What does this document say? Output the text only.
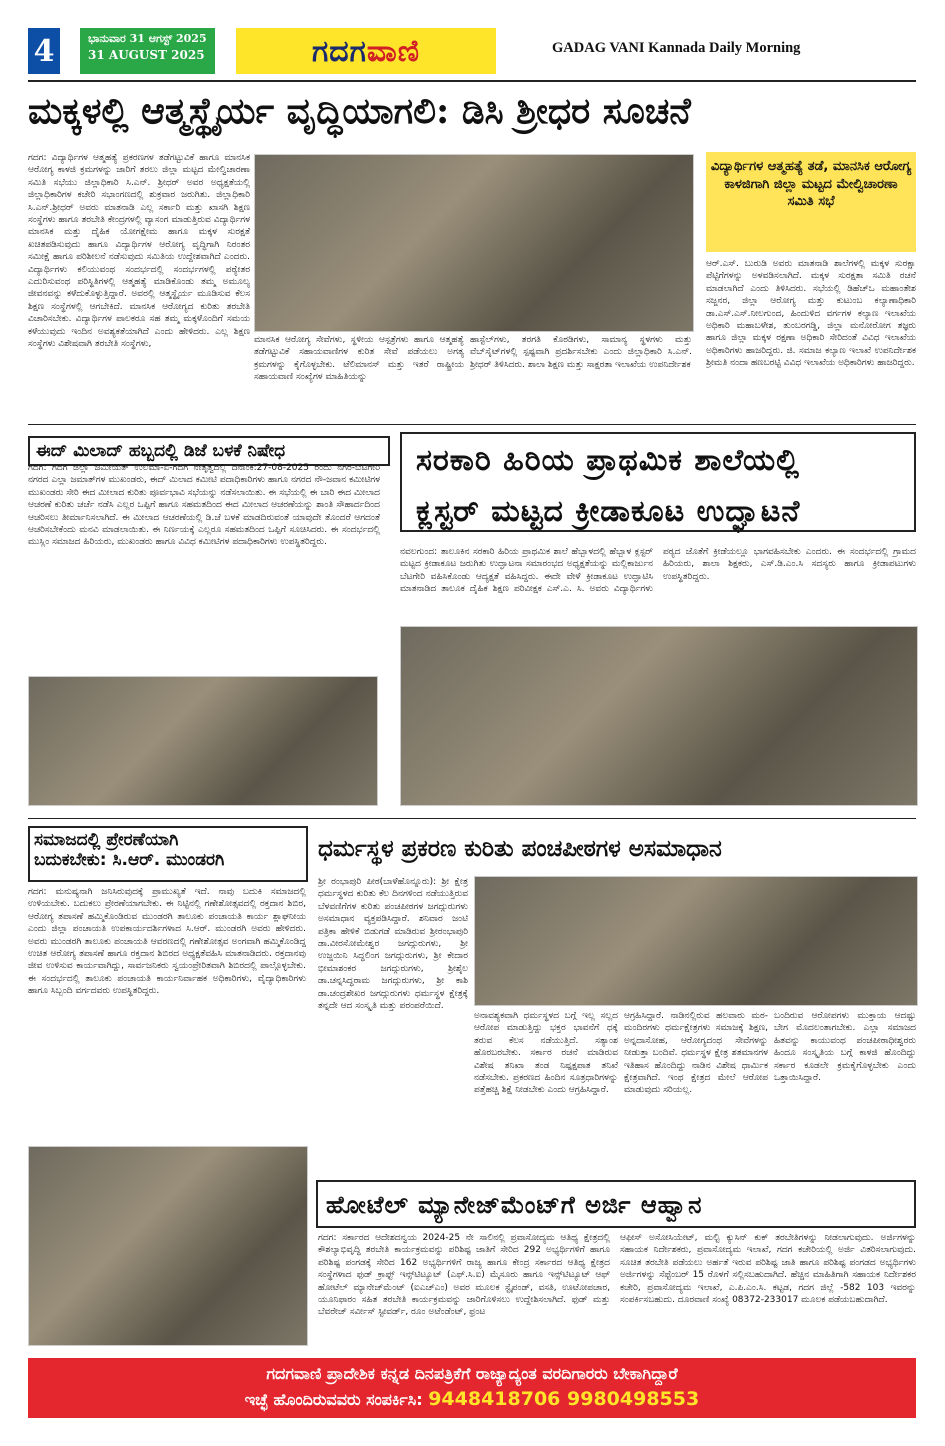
4	ಭಾನುವಾರ 31 ಆಗಸ್ಟ್ 2025
31 AUGUST 2025	ಗದಗವಾಣಿ	GADAG VANI Kannada Daily Morning
ಮಕ್ಕಳಲ್ಲಿ ಆತ್ಮಸ್ಥೈರ್ಯ ವೃದ್ಧಿಯಾಗಲಿ: ಡಿಸಿ ಶ್ರೀಧರ ಸೂಚನೆ
ಗದಗ: ವಿದ್ಯಾರ್ಥಿಗಳ ಆತ್ಮಹತ್ಯೆ ಪ್ರಕರಣಗಳ ತಡೆಗಟ್ಟುವಿಕೆ ಹಾಗೂ ಮಾನಸಿಕ ಆರೋಗ್ಯ ಕಾಳಜಿ ಕ್ರಮಗಳನ್ನು ಜಾರಿಗೆ ತರಲು ಜಿಲ್ಲಾ ಮಟ್ಟದ ಮೇಲ್ವಿಚಾರಣಾ ಸಮಿತಿ ಸಭೆಯು ಜಿಲ್ಲಾಧಿಕಾರಿ ಸಿ.ಎನ್. ಶ್ರೀಧರ್ ಅವರ ಅಧ್ಯಕ್ಷತೆಯಲ್ಲಿ ಜಿಲ್ಲಾಧಿಕಾರಿಗಳ ಕಚೇರಿ ಸಭಾಂಗಣದಲ್ಲಿ ಶುಕ್ರವಾರ ಜರುಗಿತು. ಜಿಲ್ಲಾಧಿಕಾರಿ ಸಿ.ಎನ್.ಶ್ರೀಧರ್ ಅವರು ಮಾತನಾಡಿ ಎಲ್ಲ ಸರ್ಕಾರಿ ಮತ್ತು ಖಾಸಗಿ ಶಿಕ್ಷಣ ಸಂಸ್ಥೆಗಳು ಹಾಗೂ ತರಬೇತಿ ಕೇಂದ್ರಗಳಲ್ಲಿ ವ್ಯಾಸಂಗ ಮಾಡುತ್ತಿರುವ ವಿದ್ಯಾರ್ಥಿಗಳ ಮಾನಸಿಕ ಮತ್ತು ದೈಹಿಕ ಯೋಗಕ್ಷೇಮ ಹಾಗೂ ಮಕ್ಕಳ ಸುರಕ್ಷತೆ ಖಚಿತಪಡಿಸುವುದು ಹಾಗೂ ವಿದ್ಯಾರ್ಥಿಗಳ ಆರೋಗ್ಯ ವೃದ್ಧಿಗಾಗಿ ನಿರಂತರ ಸಮೀಕ್ಷೆ ಹಾಗೂ ಪರಿಶೀಲನೆ ನಡೆಸುವುದು ಸಮಿತಿಯ ಉದ್ದೇಶವಾಗಿದೆ ಎಂದರು. ವಿದ್ಯಾರ್ಥಿಗಳು ಕಲಿಯುವಂಥ ಸಂದರ್ಭದಲ್ಲಿ ಸಂದರ್ಭಗಳಲ್ಲಿ ಪಠ್ಯೇತರ ಎದುರಿಸುವಂಥ ಪರಿಸ್ಥಿತಿಗಳಲ್ಲಿ ಆತ್ಮಹತ್ಯೆ ಮಾಡಿಕೊಂಡು ತಮ್ಮ ಅಮೂಲ್ಯ ಜೀವನವನ್ನು ಕಳೆದುಕೊಳ್ಳುತ್ತಿದ್ದಾರೆ. ಅವರಲ್ಲಿ ಆತ್ಮಸ್ಥೈರ್ಯ ಮೂಡಿಸುವ ಕೆಲಸ ಶಿಕ್ಷಣ ಸಂಸ್ಥೆಗಳಲ್ಲಿ ಆಗಬೇಕಿದೆ. ಮಾನಸಿಕ ಆರೋಗ್ಯದ ಕುರಿತು ತರಬೇತಿ ವಿಚಾರಿಸಬೇಕು. ವಿದ್ಯಾರ್ಥಿಗಳ ಪಾಲಕರೂ ಸಹ ತಮ್ಮ ಮಕ್ಕಳೊಂದಿಗೆ ಸಮಯ ಕಳೆಯುವುದು ಇಂದಿನ ಅವಶ್ಯಕತೆಯಾಗಿದೆ ಎಂದು ಹೇಳಿದರು. ಎಲ್ಲ ಶಿಕ್ಷಣ ಸಂಸ್ಥೆಗಳು ವಿಶೇಷವಾಗಿ ತರಬೇತಿ ಸಂಸ್ಥೆಗಳು,	ಮಾನಸಿಕ ಆರೋಗ್ಯ ಸೇವೆಗಳು, ಸ್ಥಳೀಯ ಆಸ್ಪತ್ರೆಗಳು ಹಾಗೂ ಆತ್ಮಹತ್ಯೆ ತಡೆಗಟ್ಟುವಿಕೆ ಸಹಾಯವಾಣಿಗಳ ಕುರಿತ ಸೇವೆ ಪಡೆಯಲು ಅಗತ್ಯ ಕ್ರಮಗಳನ್ನು ಕೈಗೊಳ್ಳಬೇಕು. ಟೆಲಿಮಾನಸ್ ಮತ್ತು ಇತರೆ ರಾಷ್ಟ್ರೀಯ ಸಹಾಯವಾಣಿ ಸಂಖ್ಯೆಗಳ ಮಾಹಿತಿಯನ್ನು
ಹಾಸ್ಟೆಲ್‌ಗಳು, ತರಗತಿ ಕೊಠಡಿಗಳು, ಸಾಮಾನ್ಯ ಸ್ಥಳಗಳು ಮತ್ತು ವೆಬ್‌ಸೈಟ್‌ಗಳಲ್ಲಿ ಸ್ಪಷ್ಟವಾಗಿ ಪ್ರದರ್ಶಿಸಬೇಕು ಎಂದು ಜಿಲ್ಲಾಧಿಕಾರಿ ಸಿ.ಎನ್. ಶ್ರೀಧರ್ ತಿಳಿಸಿದರು. ಶಾಲಾ ಶಿಕ್ಷಣ ಮತ್ತು ಸಾಕ್ಷರತಾ ಇಲಾಖೆಯ ಉಪನಿರ್ದೇಶಕ
ವಿದ್ಯಾರ್ಥಿಗಳ ಆತ್ಮಹತ್ಯೆ ತಡೆ, ಮಾನಸಿಕ ಆರೋಗ್ಯ ಕಾಳಜಿಗಾಗಿ ಜಿಲ್ಲಾ ಮಟ್ಟದ ಮೇಲ್ವಿಚಾರಣಾ ಸಮಿತಿ ಸಭೆ
ಆರ್.ಎಸ್. ಬುರುಡಿ ಅವರು ಮಾತನಾಡಿ ಶಾಲೆಗಳಲ್ಲಿ ಮಕ್ಕಳ ಸುರಕ್ಷಾ ಪೆಟ್ಟಿಗೆಗಳನ್ನು ಅಳವಡಿಸಲಾಗಿದೆ. ಮಕ್ಕಳ ಸುರಕ್ಷತಾ ಸಮಿತಿ ರಚನೆ ಮಾಡಲಾಗಿದೆ ಎಂದು ತಿಳಿಸಿದರು. ಸಭೆಯಲ್ಲಿ ಡಿಹೆಚ್‌ಒ ಮಹಾಂತೇಶ ಸಜ್ಜನರ, ಜಿಲ್ಲಾ ಆರೋಗ್ಯ ಮತ್ತು ಕುಟುಂಬ ಕಲ್ಯಾಣಾಧಿಕಾರಿ ಡಾ.ಎಸ್.ಎಸ್.ನೀಲಗುಂದ, ಹಿಂದುಳಿದ ವರ್ಗಗಳ ಕಲ್ಯಾಣ ಇಲಾಖೆಯ ಅಧಿಕಾರಿ ಮಹಾಬಳೇಶ, ತುಂಬರಗಡ್ಡಿ, ಜಿಲ್ಲಾ ಮನೋರೋಗ ತಜ್ಞರು ಹಾಗೂ ಜಿಲ್ಲಾ ಮಕ್ಕಳ ರಕ್ಷಣಾ ಅಧಿಕಾರಿ ಸೇರಿದಂತೆ ವಿವಿಧ ಇಲಾಖೆಯ ಅಧಿಕಾರಿಗಳು ಹಾಜರಿದ್ದರು. ಜಿ. ಸಮಾಜ ಕಲ್ಯಾಣ ಇಲಾಖೆ ಉಪನಿರ್ದೇಶಕ ಶ್ರೀಮತಿ ನಂದಾ ಹಣಬರಟ್ಟಿ ವಿವಿಧ ಇಲಾಖೆಯ ಅಧಿಕಾರಿಗಳು ಹಾಜರಿದ್ದರು.
ಈದ್ ಮಿಲಾದ್ ಹಬ್ಬದಲ್ಲಿ ಡಿಜೆ ಬಳಕೆ ನಿಷೇಧ
ಗದಗ: ಗದಗ ಜಿಲ್ಲಾ ಜಮೀಯತ್ ಉಲಮಾ-ಏ-ಗದಗ ನೇತೃತ್ವದಲ್ಲಿ ದಿನಾಂಕ:27-08-2025 ರಂದು ನಗರ-ಬೆಟಗೇರಿ ನಗರದ ಎಲ್ಲಾ ಜಮಾತ್‌ಗಳ ಮುಖಂಡರು, ಈದ್ ಮಿಲಾದ ಕಮೀಟಿ ಪದಾಧಿಕಾರಿಗಳು ಹಾಗೂ ನಗರದ ನೌ-ಜವಾನ ಕಮೀಟಿಗಳ ಮುಖಂಡರು ಸೇರಿ ಈದ ಮೀಲಾದ ಕುರಿತು ಪೂರ್ವಭಾವಿ ಸಭೆಯನ್ನು ನಡೆಸಲಾಯಿತು. ಈ ಸಭೆಯಲ್ಲಿ ಈ ಬಾರಿ ಈದ ಮೀಲಾದ ಆಚರಣೆ ಕುರಿತು ಚರ್ಚೆ ನಡೆಸಿ ಎಲ್ಲರ ಒಪ್ಪಿಗೆ ಹಾಗೂ ಸಹಮತದಿಂದ ಈದ ಮೀಲಾದ ಆಚರಣೆಯನ್ನು ಶಾಂತಿ ಸೌಹಾರ್ದದಿಂದ ಆಚರಿಸಲು ತೀರ್ಮಾನಿಸಲಾಗಿದೆ. ಈ ಮೀಲಾದ ಆಚರಣೆಯಲ್ಲಿ ಡಿ.ಜೆ ಬಳಕೆ ಮಾಡದಿರುವಂತೆ ಯಾವುದೇ ತೊಂದರೆ ಆಗದಂತೆ ಆಚರಿಸಬೇಕೆಂದು ಮನವಿ ಮಾಡಲಾಯಿತು. ಈ ನಿರ್ಣಯಕ್ಕೆ ಎಲ್ಲರೂ ಸಹಮತದಿಂದ ಒಪ್ಪಿಗೆ ಸೂಚಿಸಿದರು. ಈ ಸಂದರ್ಭದಲ್ಲಿ ಮುಸ್ಲಿಂ ಸಮಾಜದ ಹಿರಿಯರು, ಮುಖಂಡರು ಹಾಗೂ ವಿವಿಧ ಕಮೀಟಿಗಳ ಪದಾಧಿಕಾರಿಗಳು ಉಪಸ್ಥಿತರಿದ್ದರು.
ಸರಕಾರಿ ಹಿರಿಯ ಪ್ರಾಥಮಿಕ ಶಾಲೆಯಲ್ಲಿ
ಕ್ಲಸ್ಟರ್ ಮಟ್ಟದ ಕ್ರೀಡಾಕೂಟ ಉದ್ಘಾಟನೆ
ನವಲಗುಂದ: ತಾಲೂಕಿನ ಸರಕಾರಿ ಹಿರಿಯ ಪ್ರಾಥಮಿಕ ಶಾಲೆ ಹೆಬ್ಬಾಳದಲ್ಲಿ ಹೆಬ್ಬಾಳ ಕ್ಲಸ್ಟರ್ ಮಟ್ಟದ ಕ್ರೀಡಾಕೂಟ ಜರುಗಿತು ಉದ್ಘಾಟನಾ ಸಮಾರಂಭದ ಅಧ್ಯಕ್ಷತೆಯನ್ನು ಮಲ್ಲಿಕಾರ್ಜುನ ಬೆಟಗೇರಿ ವಹಿಸಿಕೊಂಡು ಆದ್ಯಕ್ಷತೆ ವಹಿಸಿದ್ದರು. ಈದೇ ವೇಳೆ ಕ್ರೀಡಾಕೂಟ ಉದ್ಘಾಟಿಸಿ ಮಾತನಾಡಿದ ತಾಲೂಕ ದೈಹಿಕ ಶಿಕ್ಷಣ ಪರಿವೀಕ್ಷಕ ಎಸ್.ಎ. ಸಿ. ಅವರು ವಿದ್ಯಾರ್ಥಿಗಳು ಪಠ್ಯದ ಜೊತೆಗೆ ಕ್ರೀಡೆಯಲ್ಲೂ ಭಾಗವಹಿಸಬೇಕು ಎಂದರು. ಈ ಸಂದರ್ಭದಲ್ಲಿ ಗ್ರಾಮದ ಹಿರಿಯರು, ಶಾಲಾ ಶಿಕ್ಷಕರು, ಎಸ್.ಡಿ.ಎಂ.ಸಿ ಸದಸ್ಯರು ಹಾಗೂ ಕ್ರೀಡಾಪಟುಗಳು ಉಪಸ್ಥಿತರಿದ್ದರು.
ಸಮಾಜದಲ್ಲಿ ಪ್ರೇರಣೆಯಾಗಿ
ಬದುಕಬೇಕು: ಸಿ.ಆರ್. ಮುಂಡರಗಿ
ಗದಗ: ಮನುಷ್ಯನಾಗಿ ಜನಿಸಿರುವುದಕ್ಕೆ ಪ್ರಾಮುಖ್ಯತೆ ಇದೆ. ನಾವು ಬದುಕಿ ಸಮಾಜದಲ್ಲಿ ಉಳಿಯಬೇಕು. ಬದುಕಲು ಪ್ರೇರಣೆಯಾಗಬೇಕು. ಈ ನಿಟ್ಟಿನಲ್ಲಿ ಗಣೇಶೋತ್ಸವದಲ್ಲಿ ರಕ್ತದಾನ ಶಿಬಿರ, ಆರೋಗ್ಯ ತಪಾಸಣೆ ಹಮ್ಮಿಕೊಂಡಿರುವ ಮುಂಡರಗಿ ತಾಲೂಕು ಪಂಚಾಯತಿ ಕಾರ್ಯ ಶ್ಲಾಘನೀಯ ಎಂದು ಜಿಲ್ಲಾ ಪಂಚಾಯತಿ ಉಪಕಾರ್ಯದರ್ಶಿಗಳಾದ ಸಿ.ಆರ್. ಮುಂಡರಗಿ ಅವರು ಹೇಳಿದರು. ಅವರು ಮುಂಡರಗಿ ತಾಲೂಕು ಪಂಚಾಯತಿ ಆವರಣದಲ್ಲಿ ಗಣೇಶೋತ್ಸವ ಅಂಗವಾಗಿ ಹಮ್ಮಿಕೊಂಡಿದ್ದ ಉಚಿತ ಆರೋಗ್ಯ ತಪಾಸಣೆ ಹಾಗೂ ರಕ್ತದಾನ ಶಿಬಿರದ ಅಧ್ಯಕ್ಷತೆವಹಿಸಿ ಮಾತನಾಡಿದರು. ರಕ್ತದಾನವು ಜೀವ ಉಳಿಸುವ ಕಾರ್ಯವಾಗಿದ್ದು, ಸಾರ್ವಜನಿಕರು ಸ್ವಯಂಪ್ರೇರಿತವಾಗಿ ಶಿಬಿರದಲ್ಲಿ ಪಾಲ್ಗೊಳ್ಳಬೇಕು. ಈ ಸಂದರ್ಭದಲ್ಲಿ ತಾಲೂಕು ಪಂಚಾಯತಿ ಕಾರ್ಯನಿರ್ವಾಹಕ ಅಧಿಕಾರಿಗಳು, ವೈದ್ಯಾಧಿಕಾರಿಗಳು ಹಾಗೂ ಸಿಬ್ಬಂದಿ ವರ್ಗದವರು ಉಪಸ್ಥಿತರಿದ್ದರು.
ಧರ್ಮಸ್ಥಳ ಪ್ರಕರಣ ಕುರಿತು ಪಂಚಪೀಠಗಳ ಅಸಮಾಧಾನ
ಶ್ರೀ ರಂಭಾಪುರಿ ಪೀಠ(ಬಾಳೆಹೊನ್ನೂರು): ಶ್ರೀ ಕ್ಷೇತ್ರ ಧರ್ಮಸ್ಥಳದ ಕುರಿತು ಕೆಲ ದಿನಗಳಿಂದ ನಡೆಯುತ್ತಿರುವ ಬೆಳವಣಿಗೆಗಳ ಕುರಿತು ಪಂಚಪೀಠಗಳ ಜಗದ್ಗುರುಗಳು ಅಸಮಾಧಾನ ವ್ಯಕ್ತಪಡಿಸಿದ್ದಾರೆ. ಶನಿವಾರ ಜಂಟಿ ಪತ್ರಿಕಾ ಹೇಳಿಕೆ ಬಿಡುಗಡೆ ಮಾಡಿರುವ ಶ್ರೀರಂಭಾಪುರಿ ಡಾ.ವೀರಸೋಮೇಶ್ವರ ಜಗದ್ಗುರುಗಳು, ಶ್ರೀ ಉಜ್ಜಯಿನಿ ಸಿದ್ಧಲಿಂಗ ಜಗದ್ಗುರುಗಳು, ಶ್ರೀ ಕೇದಾರ ಭೀಮಾಶಂಕರ ಜಗದ್ಗುರುಗಳು, ಶ್ರೀಶೈಲ ಡಾ.ಚನ್ನಸಿದ್ಧರಾಮ ಜಗದ್ಗುರುಗಳು, ಶ್ರೀ ಕಾಶಿ ಡಾ.ಚಂದ್ರಶೇಖರ ಜಗದ್ಗುರುಗಳು ಧರ್ಮಸ್ಥಳ ಕ್ಷೇತ್ರಕ್ಕೆ ತನ್ನದೇ ಆದ ಸಂಸ್ಕೃತಿ ಮತ್ತು ಪರಂಪರೆಯಿದೆ.
ಅನಾವಶ್ಯಕವಾಗಿ ಧರ್ಮಸ್ಥಳದ ಬಗ್ಗೆ ಇಲ್ಲ ಸಲ್ಲದ ಆರೋಪ ಮಾಡುತ್ತಿದ್ದು ಭಕ್ತರ ಭಾವನೆಗೆ ಧಕ್ಕೆ ತರುವ ಕೆಲಸ ನಡೆಯುತ್ತಿದೆ. ಸತ್ಯಾಂಶ ಹೊರಬರಬೇಕು. ಸರ್ಕಾರ ರಚನೆ ಮಾಡಿರುವ ವಿಶೇಷ ತನಿಖಾ ತಂಡ ನಿಷ್ಪಕ್ಷಪಾತ ತನಿಖೆ ನಡೆಸಬೇಕು. ಪ್ರಕರಣದ ಹಿಂದಿನ ಸೂತ್ರಧಾರಿಗಳನ್ನು ಪತ್ತೆಹಚ್ಚಿ ಶಿಕ್ಷೆ ನೀಡಬೇಕು ಎಂದು ಆಗ್ರಹಿಸಿದ್ದಾರೆ.
ಆಗ್ರಹಿಸಿದ್ದಾರೆ. ನಾಡಿನಲ್ಲಿರುವ ಹಲವಾರು ಮಠ-ಮಂದಿರಗಳು ಧರ್ಮಕ್ಷೇತ್ರಗಳು ಸಮಾಜಕ್ಕೆ ಶಿಕ್ಷಣ, ಅನ್ನದಾಸೋಹ, ಆರೋಗ್ಯದಂಥ ಸೇವೆಗಳನ್ನು ನೀಡುತ್ತಾ ಬಂದಿವೆ. ಧರ್ಮಸ್ಥಳ ಕ್ಷೇತ್ರ ಶತಮಾನಗಳ ಇತಿಹಾಸ ಹೊಂದಿದ್ದು ನಾಡಿನ ವಿಶೇಷ ಧಾರ್ಮಿಕ ಕ್ಷೇತ್ರವಾಗಿದೆ. ಇಂಥ ಕ್ಷೇತ್ರದ ಮೇಲೆ ಆರೋಪ ಮಾಡುವುದು ಸರಿಯಲ್ಲ.
ಬಂದಿರುವ ಆರೋಪಗಳು ಮುಕ್ತಾಯ ಆದಷ್ಟು ಬೇಗ ಮೊದಲಂತಾಗಬೇಕು. ಎಲ್ಲಾ ಸಮಾಜದ ಹಿತವನ್ನು ಕಾಯುವಂಥ ಪಂಚಪೀಠಾಧೀಶ್ವರರು ಹಿಂದೂ ಸಂಸ್ಕೃತಿಯ ಬಗ್ಗೆ ಕಾಳಜಿ ಹೊಂದಿದ್ದು ಸರ್ಕಾರ ಕೂಡಲೇ ಕ್ರಮಕೈಗೊಳ್ಳಬೇಕು ಎಂದು ಒತ್ತಾಯಿಸಿದ್ದಾರೆ.
ಹೋಟೆಲ್ ಮ್ಯಾನೇಜ್‌ಮೆಂಟ್‌ಗೆ ಅರ್ಜಿ ಆಹ್ವಾನ
ಗದಗ: ಸರ್ಕಾರದ ಆದೇಶದನ್ವಯ 2024-25 ನೇ ಸಾಲಿನಲ್ಲಿ ಪ್ರವಾಸೋದ್ಯಮ ಆತಿಥ್ಯ ಕ್ಷೇತ್ರದಲ್ಲಿ ಕೌಶಲ್ಯಾಭಿವೃದ್ಧಿ ತರಬೇತಿ ಕಾರ್ಯಕ್ರಮವನ್ನು ಪರಿಶಿಷ್ಟ ಜಾತಿಗೆ ಸೇರಿದ 292 ಅಭ್ಯರ್ಥಿಗಳಿಗೆ ಹಾಗೂ ಪರಿಶಿಷ್ಟ ಪಂಗಡಕ್ಕೆ ಸೇರಿದ 162 ಅಭ್ಯರ್ಥಿಗಳಿಗೆ ರಾಜ್ಯ ಹಾಗೂ ಕೇಂದ್ರ ಸರ್ಕಾರದ ಆತಿಥ್ಯ ಕ್ಷೇತ್ರದ ಸಂಸ್ಥೆಗಳಾದ ಫುಡ್ ಕ್ರಾಫ್ಟ್ ಇನ್ಸ್‌ಟಿಟ್ಯೂಟ್ (ಎಫ್.ಸಿ.ಐ) ಮೈಸೂರು ಹಾಗೂ ಇನ್ಸ್‌ಟಿಟ್ಯೂಟ್ ಆಫ್ ಹೋಟೆಲ್ ಮ್ಯಾನೇಜ್‌ಮೆಂಟ್ (ಐಎಚ್‌ಎಂ) ಅವರ ಮೂಲಕ ಸ್ಟೈಪಂಡ್, ವಸತಿ, ಊಟೋಪಚಾರ, ಯೂನಿಫಾರಂ ಸಹಿತ ತರಬೇತಿ ಕಾರ್ಯಕ್ರಮವನ್ನು ಜಾರಿಗೊಳಿಸಲು ಉದ್ದೇಶಿಸಲಾಗಿದೆ. ಫುಡ್ ಮತ್ತು ಬೆವರೇಜ್ ಸರ್ವೀಸ್ ಸ್ಟೀವರ್ಡ್, ರೂಂ ಅಟೆಂಡೆಂಟ್, ಫ್ರಂಟ
ಆಫೀಸ್ ಅಸೋಸಿಯೇಟ್, ಮಲ್ಟಿ ಕ್ಯುಸಿನ್ ಕುಕ್ ತರಬೇತಿಗಳನ್ನು ನೀಡಲಾಗುವುದು. ಅರ್ಜಿಗಳನ್ನು ಸಹಾಯಕ ನಿರ್ದೇಶಕರು, ಪ್ರವಾಸೋದ್ಯಮ ಇಲಾಖೆ, ಗದಗ ಕಚೇರಿಯಲ್ಲಿ ಅರ್ಜಿ ವಿತರಿಸಲಾಗುವುದು. ಸೂಚಿತ ತರಬೇತಿ ಪಡೆಯಲು ಅರ್ಹತೆ ಇರುವ ಪರಿಶಿಷ್ಟ ಜಾತಿ ಹಾಗೂ ಪರಿಶಿಷ್ಟ ಪಂಗಡದ ಅಭ್ಯರ್ಥಿಗಳು ಅರ್ಜಿಗಳನ್ನು ಸೆಪ್ಟೆಂಬರ್ 15 ರೊಳಗೆ ಸಲ್ಲಿಸಬಹುದಾಗಿದೆ. ಹೆಚ್ಚಿನ ಮಾಹಿತಿಗಾಗಿ ಸಹಾಯಕ ನಿರ್ದೇಶಕರ ಕಚೇರಿ, ಪ್ರವಾಸೋದ್ಯಮ ಇಲಾಖೆ, ಎ.ಪಿ.ಎಂ.ಸಿ. ಕಟ್ಟಡ, ಗದಗ ಜಿಲ್ಲೆ -582 103 ಇವರನ್ನು ಸಂಪರ್ಕಿಸಬಹುದು. ದೂರವಾಣಿ ಸಂಖ್ಯೆ 08372-233017 ಮೂಲಕ ಪಡೆಯಬಹುದಾಗಿದೆ.
ಗದಗವಾಣಿ ಪ್ರಾದೇಶಿಕ ಕನ್ನಡ ದಿನಪತ್ರಿಕೆಗೆ ರಾಜ್ಯಾದ್ಯಂತ ವರದಿಗಾರರು ಬೇಕಾಗಿದ್ದಾರೆ
ಇಚ್ಛೆ ಹೊಂದಿರುವವರು ಸಂಪರ್ಕಿಸಿ: 9448418706 9980498553
